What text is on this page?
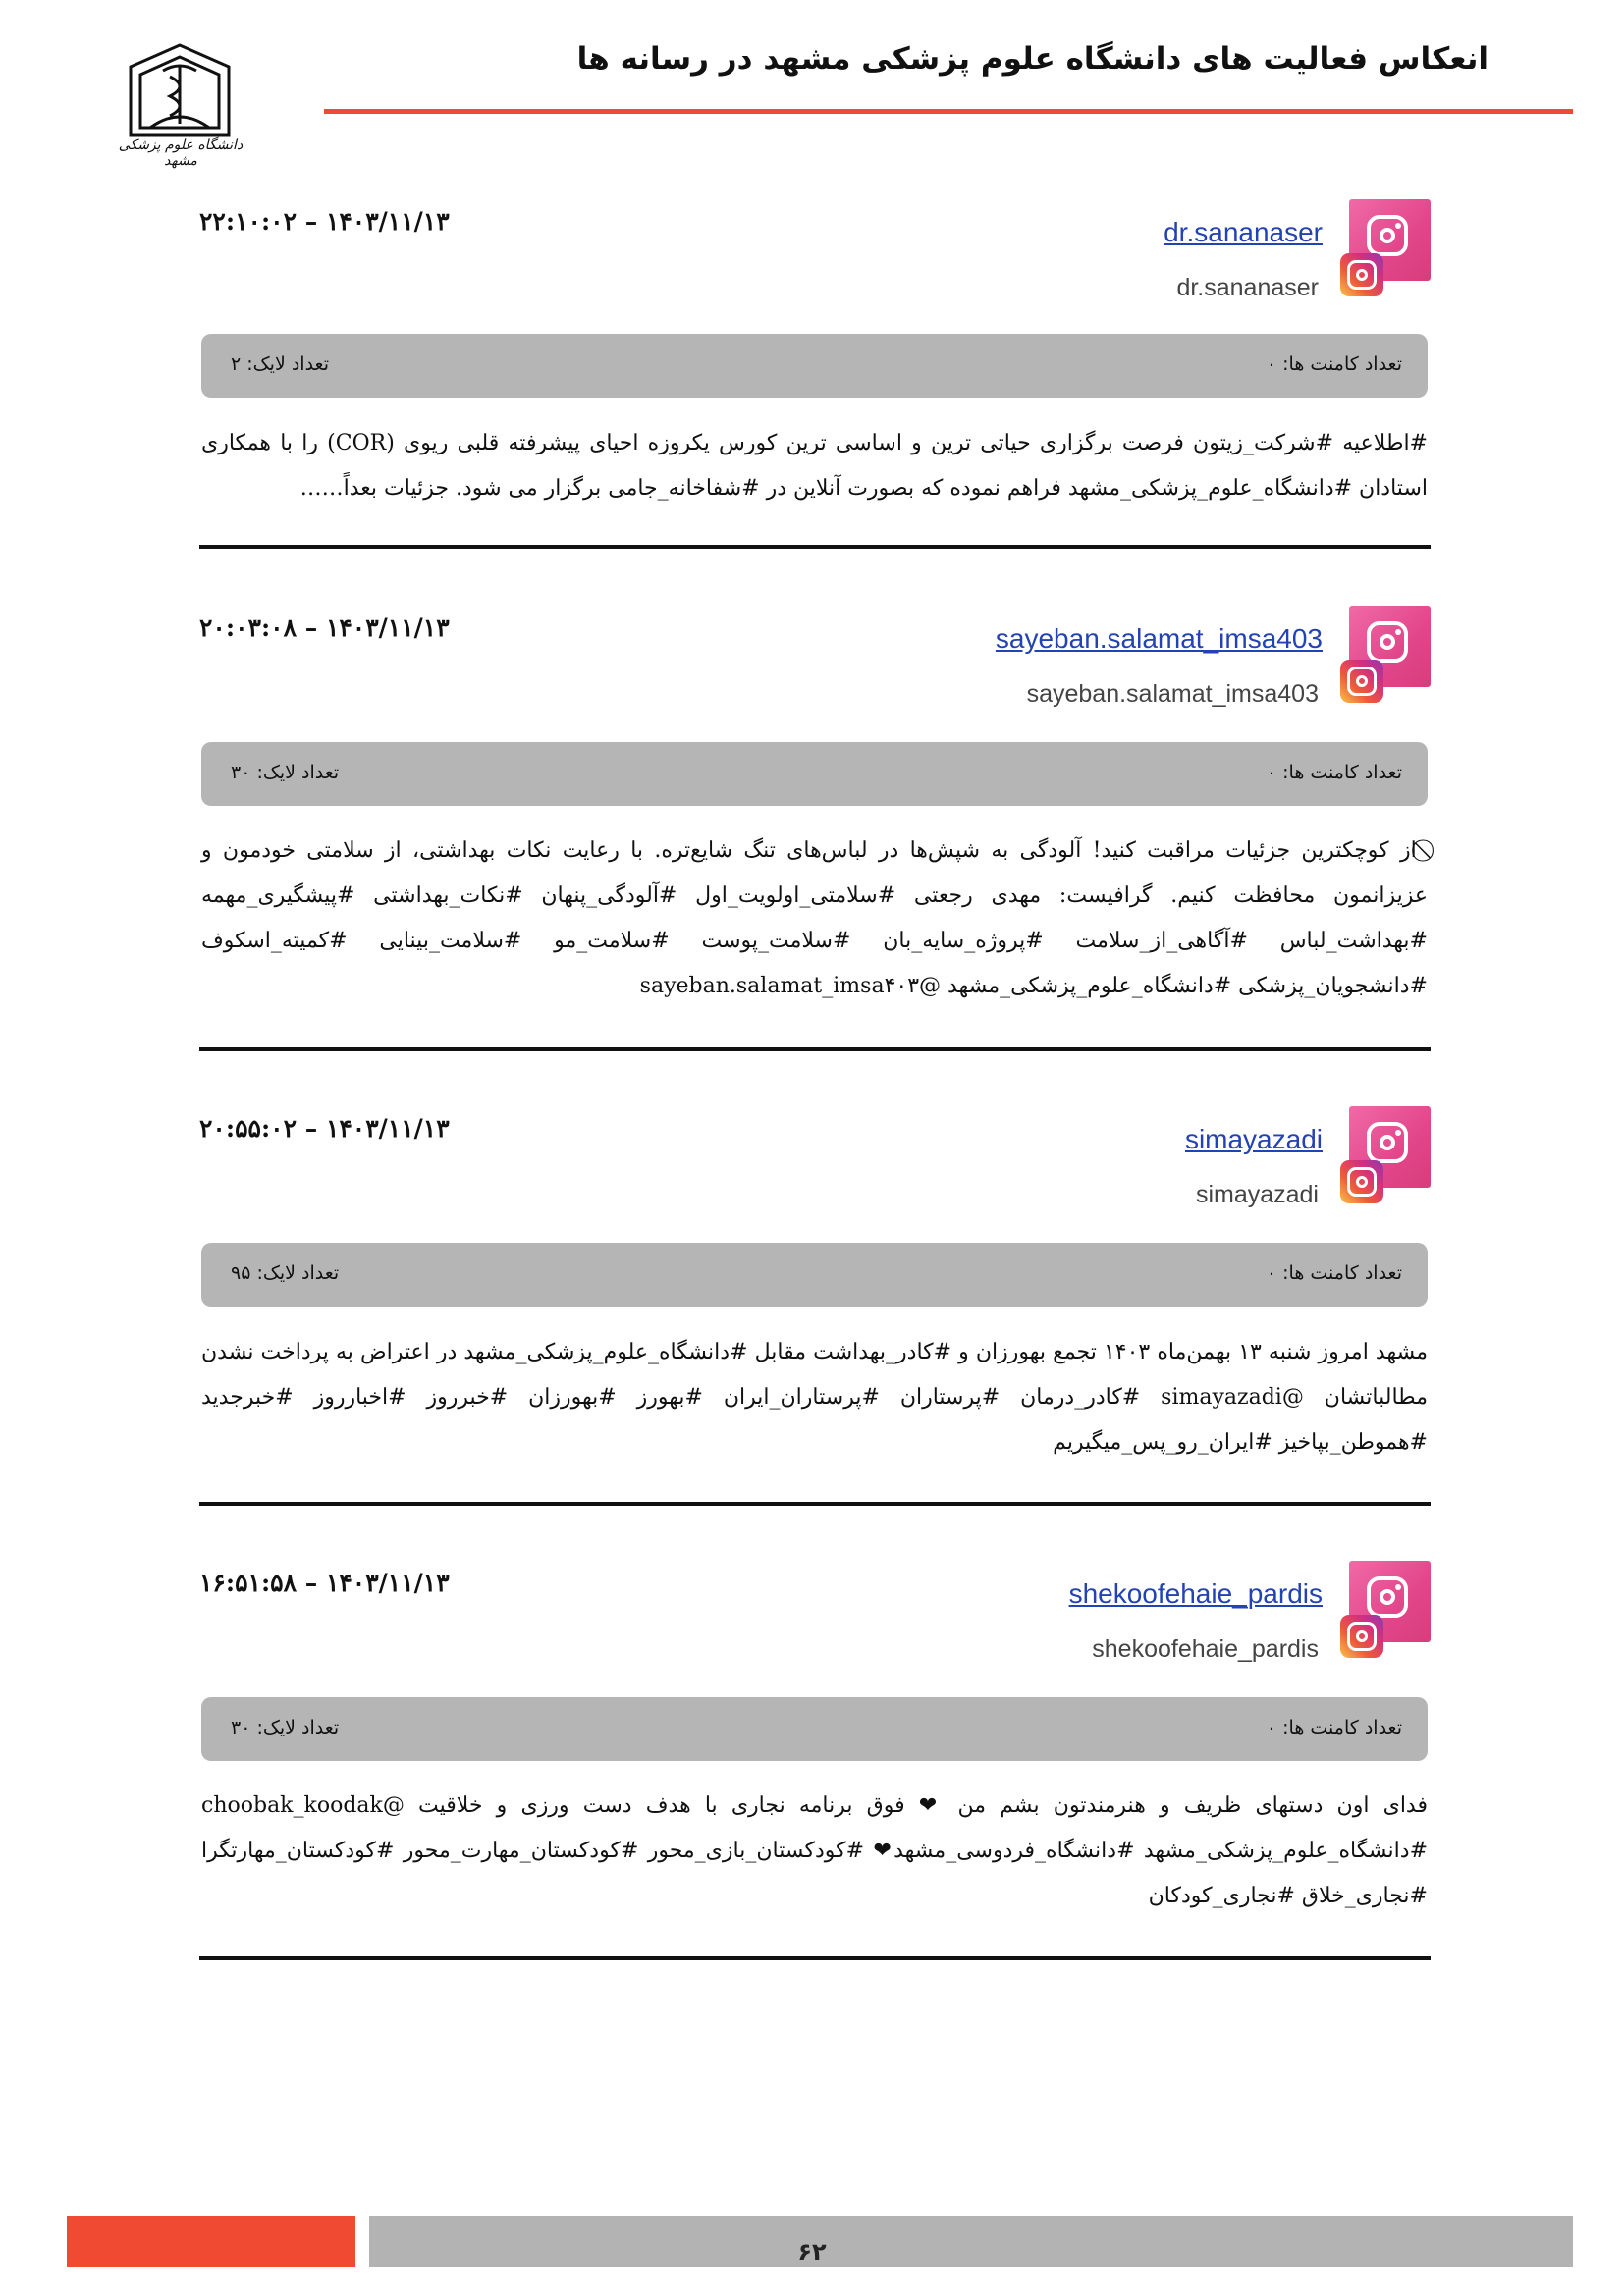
انعکاس فعالیت های دانشگاه علوم پزشکی مشهد در رسانه ها
دانشگاه علوم پزشکی مشهد
dr.sananaser
dr.sananaser
۱۴۰۳/۱۱/۱۳ – ۲۲:۱۰:۰۲
تعداد کامنت ها: ۰
تعداد لایک: ۲
#اطلاعیه #شرکت_زیتون فرصت برگزاری حیاتی ترین و اساسی ترین کورس یکروزه احیای پیشرفته قلبی ریوی (COR) را با همکاری استادان #دانشگاه_علوم_پزشکی_مشهد فراهم نموده که بصورت آنلاین در #شفاخانه_جامی برگزار می شود. جزئیات بعداً……
sayeban.salamat_imsa403
sayeban.salamat_imsa403
۱۴۰۳/۱۱/۱۳ – ۲۰:۰۳:۰۸
تعداد کامنت ها: ۰
تعداد لایک: ۳۰
⃠ از کوچکترین جزئیات مراقبت کنید! آلودگی به شپش‌ها در لباس‌های تنگ شایع‌تره. با رعایت نکات بهداشتی، از سلامتی خودمون و عزیزانمون محافظت کنیم. گرافیست: مهدی رجعتی #سلامتی_اولویت_اول #آلودگی_پنهان #نکات_بهداشتی #پیشگیری_مهمه #بهداشت_لباس #آگاهی_از_سلامت #پروژه_سایه_بان #سلامت_پوست #سلامت_مو #سلامت_بینایی #کمیته_اسکوف #دانشجویان_پزشکی #دانشگاه_علوم_پزشکی_مشهد @sayeban.salamat_imsa۴۰۳
simayazadi
simayazadi
۱۴۰۳/۱۱/۱۳ – ۲۰:۵۵:۰۲
تعداد کامنت ها: ۰
تعداد لایک: ۹۵
مشهد امروز شنبه ۱۳ بهمن‌ماه ۱۴۰۳ تجمع بهورزان و #کادر_بهداشت مقابل #دانشگاه_علوم_پزشکی_مشهد در اعتراض به پرداخت نشدن مطالباتشان @simayazadi #کادر_درمان #پرستاران #پرستاران_ایران #بهورز #بهورزان #خبرروز #اخبارروز #خبرجدید #هموطن_بپاخیز #ایران_رو_پس_میگیریم
shekoofehaie_pardis
shekoofehaie_pardis
۱۴۰۳/۱۱/۱۳ – ۱۶:۵۱:۵۸
تعداد کامنت ها: ۰
تعداد لایک: ۳۰
فدای اون دستهای ظریف و هنرمندتون بشم من ❤ فوق برنامه نجاری با هدف دست ورزی و خلاقیت @choobak_koodak #دانشگاه_علوم_پزشکی_مشهد #دانشگاه_فردوسی_مشهد❤ #کودکستان_بازی_محور #کودکستان_مهارت_محور #کودکستان_مهارتگرا #نجاری_خلاق #نجاری_کودکان
۶۲
